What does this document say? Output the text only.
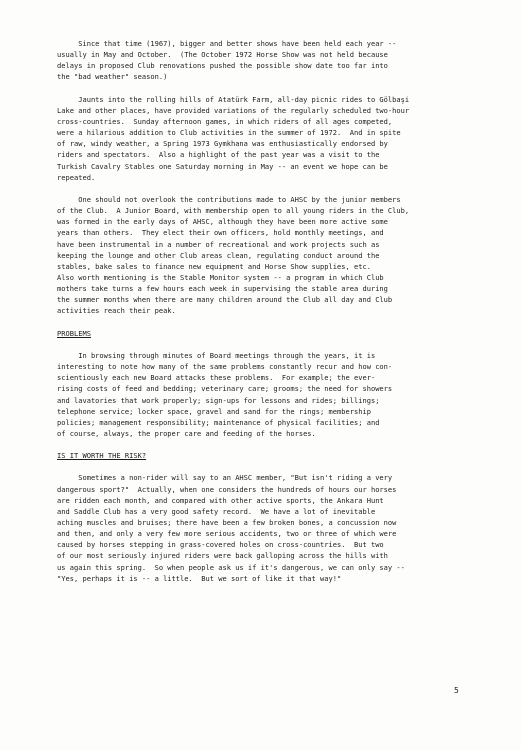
Since that time (1967), bigger and better shows have been held each year --
usually in May and October.  (The October 1972 Horse Show was not held because
delays in proposed Club renovations pushed the possible show date too far into
the "bad weather" season.)
Jaunts into the rolling hills of Atatürk Farm, all-day picnic rides to Gölbaşi
Lake and other places, have provided variations of the regularly scheduled two-hour
cross-countries.  Sunday afternoon games, in which riders of all ages competed,
were a hilarious addition to Club activities in the summer of 1972.  And in spite
of raw, windy weather, a Spring 1973 Gymkhana was enthusiastically endorsed by
riders and spectators.  Also a highlight of the past year was a visit to the
Turkish Cavalry Stables one Saturday morning in May -- an event we hope can be
repeated.
One should not overlook the contributions made to AHSC by the junior members
of the Club.  A Junior Board, with membership open to all young riders in the Club,
was formed in the early days of AHSC, although they have been more active some
years than others.  They elect their own officers, hold monthly meetings, and
have been instrumental in a number of recreational and work projects such as
keeping the lounge and other Club areas clean, regulating conduct around the
stables, bake sales to finance new equipment and Horse Show supplies, etc.
Also worth mentioning is the Stable Monitor system -- a program in which Club
mothers take turns a few hours each week in supervising the stable area during
the summer months when there are many children around the Club all day and Club
activities reach their peak.
PROBLEMS
In browsing through minutes of Board meetings through the years, it is
interesting to note how many of the same problems constantly recur and how con-
scientiously each new Board attacks these problems.  For example; the ever-
rising costs of feed and bedding; veterinary care; grooms; the need for showers
and lavatories that work properly; sign-ups for lessons and rides; billings;
telephone service; locker space, gravel and sand for the rings; membership
policies; management responsibility; maintenance of physical facilities; and
of course, always, the proper care and feeding of the horses.
IS IT WORTH THE RISK?
Sometimes a non-rider will say to an AHSC member, "But isn't riding a very
dangerous sport?"  Actually, when one considers the hundreds of hours our horses
are ridden each month, and compared with other active sports, the Ankara Hunt
and Saddle Club has a very good safety record.  We have a lot of inevitable
aching muscles and bruises; there have been a few broken bones, a concussion now
and then, and only a very few more serious accidents, two or three of which were
caused by horses stepping in grass-covered holes on cross-countries.  But two
of our most seriously injured riders were back galloping across the hills with
us again this spring.  So when people ask us if it's dangerous, we can only say --
"Yes, perhaps it is -- a little.  But we sort of like it that way!"
5
